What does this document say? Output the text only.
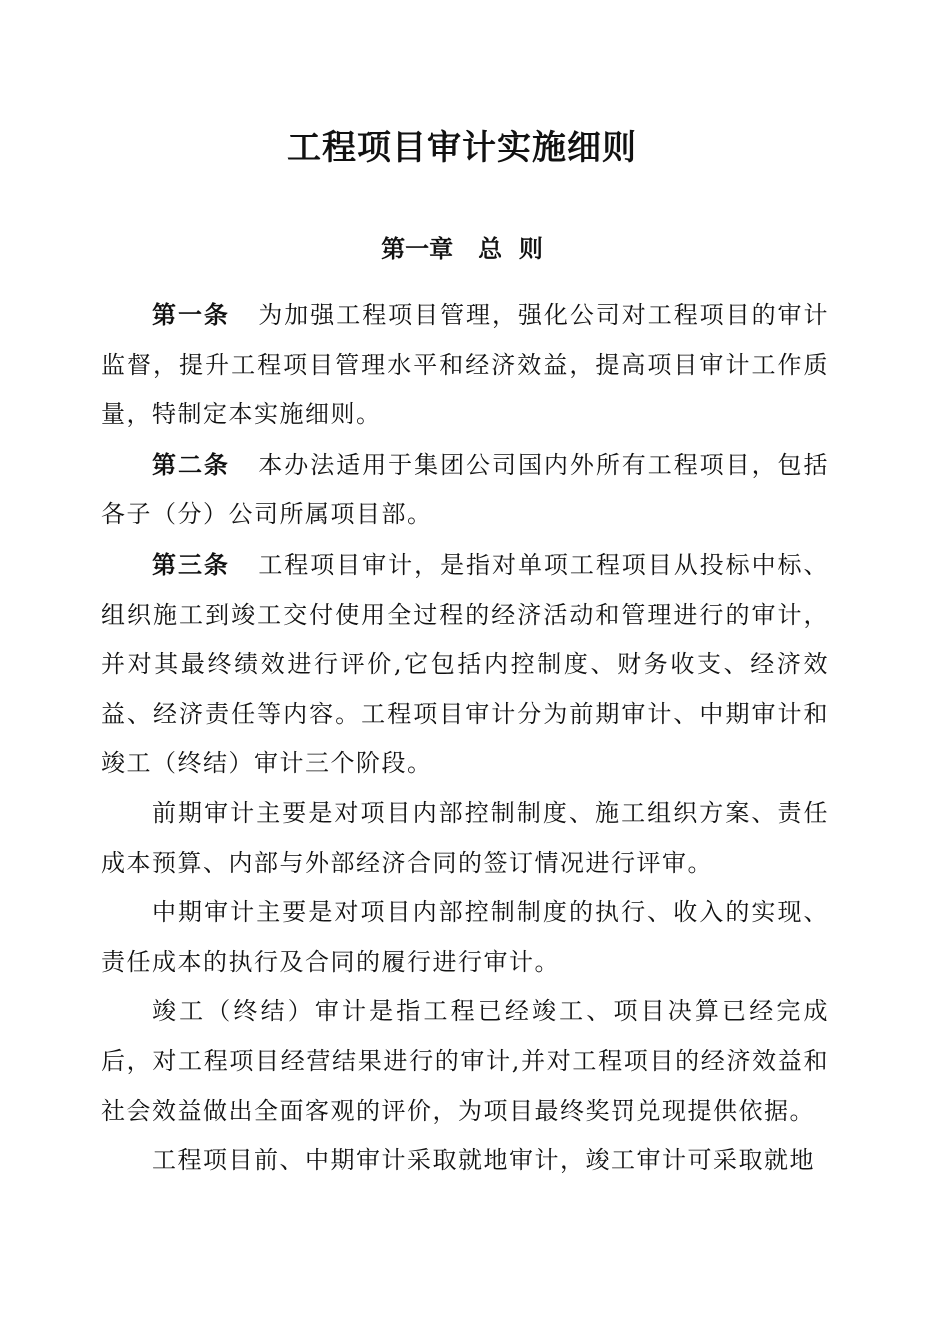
工程项目审计实施细则
第一章   总  则

第一条 为加强工程项目管理，强化公司对工程项目的审计监督，提升工程项目管理水平和经济效益，提高项目审计工作质量，特制定本实施细则。

第二条 本办法适用于集团公司国内外所有工程项目，包括各子（分）公司所属项目部。

第三条 工程项目审计，是指对单项工程项目从投标中标、组织施工到竣工交付使用全过程的经济活动和管理进行的审计，并对其最终绩效进行评价,它包括内控制度、财务收支、经济效益、经济责任等内容。工程项目审计分为前期审计、中期审计和竣工（终结）审计三个阶段。

前期审计主要是对项目内部控制制度、施工组织方案、责任成本预算、内部与外部经济合同的签订情况进行评审。

中期审计主要是对项目内部控制制度的执行、收入的实现、责任成本的执行及合同的履行进行审计。

竣工（终结）审计是指工程已经竣工、项目决算已经完成后，对工程项目经营结果进行的审计,并对工程项目的经济效益和社会效益做出全面客观的评价，为项目最终奖罚兑现提供依据。

工程项目前、中期审计采取就地审计，竣工审计可采取就地
